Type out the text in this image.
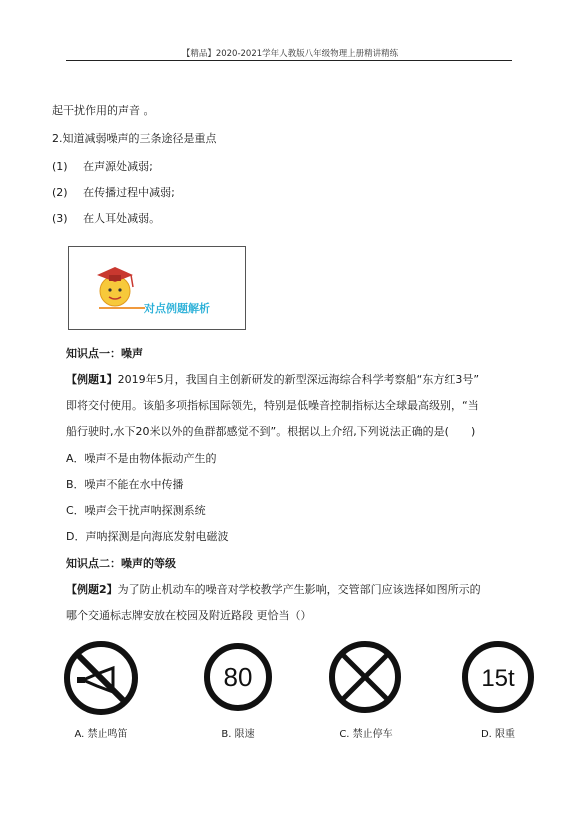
【精品】2020-2021学年人教版八年级物理上册精讲精练
起干扰作用的声音 。
2.知道减弱噪声的三条途径是重点
(1) 在声源处减弱;
(2) 在传播过程中减弱;
(3) 在人耳处减弱。
对点例题解析
知识点一：噪声
【例题1】2019年5月，我国自主创新研发的新型深远海综合科学考察船“东方红3号”
即将交付使用。该船多项指标国际领先，特别是低噪音控制指标达全球最高级别，“当
船行驶时,水下20米以外的鱼群都感觉不到”。根据以上介绍,下列说法正确的是(　　)
A．噪声不是由物体振动产生的
B．噪声不能在水中传播
C．噪声会干扰声呐探测系统
D．声呐探测是向海底发射电磁波
知识点二：噪声的等级
【例题2】为了防止机动车的噪音对学校教学产生影响，交管部门应该选择如图所示的
哪个交通标志牌安放在校园及附近路段 更恰当（）
80	15t
A. 禁止鸣笛	B. 限速	C. 禁止停车	D. 限重
